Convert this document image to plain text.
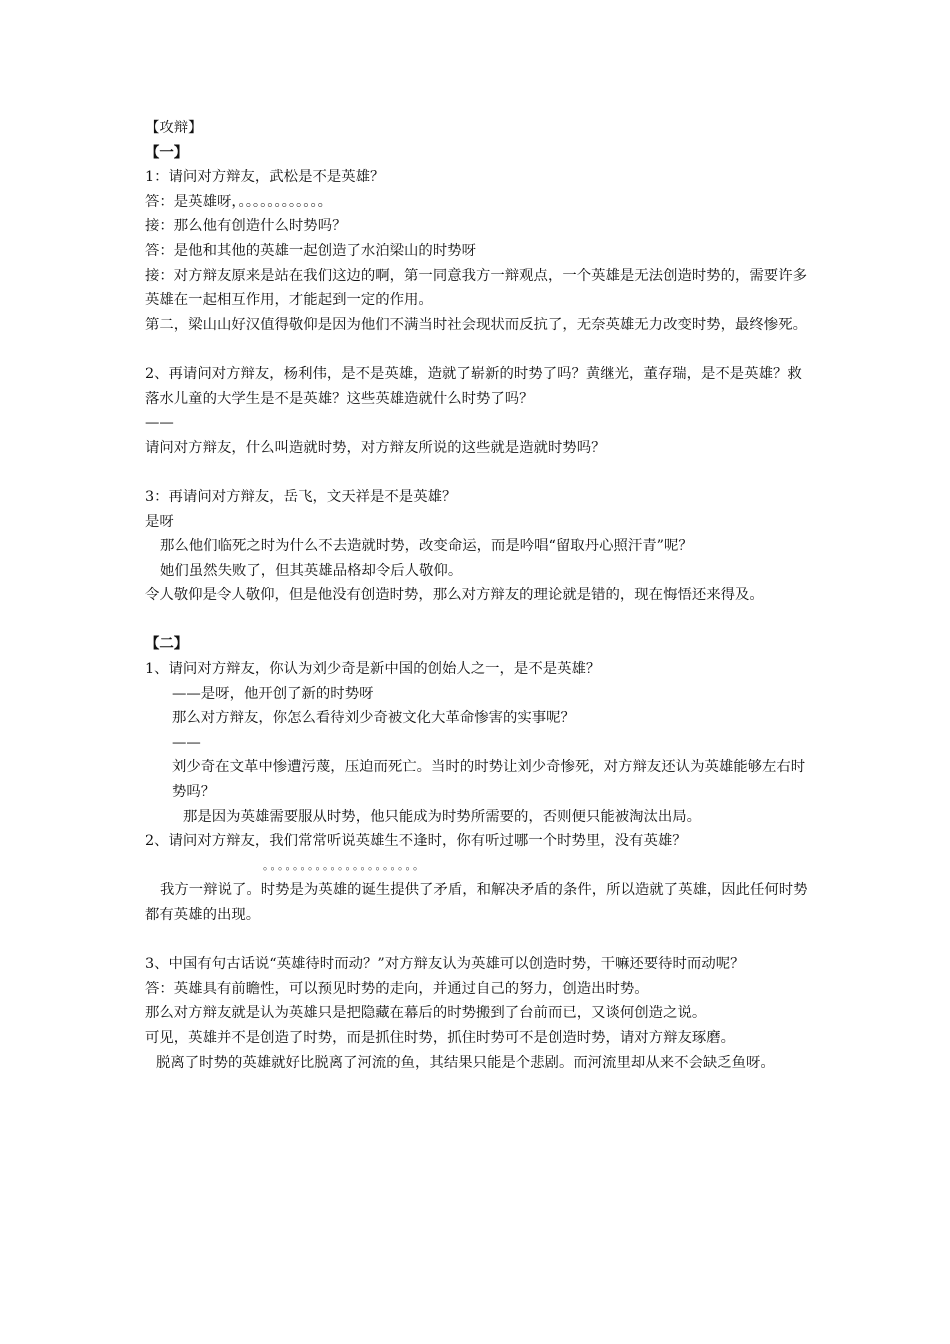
【攻辩】

【一】

1：请问对方辩友，武松是不是英雄？

答：是英雄呀，。。。。。。。。。。。。

接：那么他有创造什么时势吗？

答：是他和其他的英雄一起创造了水泊梁山的时势呀

接：对方辩友原来是站在我们这边的啊，第一同意我方一辩观点，一个英雄是无法创造时势的，需要许多英雄在一起相互作用，才能起到一定的作用。

第二，梁山山好汉值得敬仰是因为他们不满当时社会现状而反抗了，无奈英雄无力改变时势，最终惨死。

2、再请问对方辩友，杨利伟，是不是英雄，造就了崭新的时势了吗？黄继光，董存瑞，是不是英雄？救落水儿童的大学生是不是英雄？这些英雄造就什么时势了吗？

——

请问对方辩友，什么叫造就时势，对方辩友所说的这些就是造就时势吗？

3：再请问对方辩友，岳飞，文天祥是不是英雄？

是呀

那么他们临死之时为什么不去造就时势，改变命运，而是吟唱“留取丹心照汗青”呢？

她们虽然失败了，但其英雄品格却令后人敬仰。

令人敬仰是令人敬仰，但是他没有创造时势，那么对方辩友的理论就是错的，现在悔悟还来得及。

【二】

1、请问对方辩友，你认为刘少奇是新中国的创始人之一，是不是英雄？

——是呀，他开创了新的时势呀

那么对方辩友，你怎么看待刘少奇被文化大革命惨害的实事呢？

——

刘少奇在文革中惨遭污蔑，压迫而死亡。当时的时势让刘少奇惨死，对方辩友还认为英雄能够左右时势吗？

那是因为英雄需要服从时势，他只能成为时势所需要的，否则便只能被淘汰出局。

2、请问对方辩友，我们常常听说英雄生不逢时，你有听过哪一个时势里，没有英雄？

。。。。。。。。。。。。。。。。。。。。。

我方一辩说了。时势是为英雄的诞生提供了矛盾，和解决矛盾的条件，所以造就了英雄，因此任何时势都有英雄的出现。

3、中国有句古话说“英雄待时而动？”对方辩友认为英雄可以创造时势，干嘛还要待时而动呢？

答：英雄具有前瞻性，可以预见时势的走向，并通过自己的努力，创造出时势。

那么对方辩友就是认为英雄只是把隐藏在幕后的时势搬到了台前而已，又谈何创造之说。

可见，英雄并不是创造了时势，而是抓住时势，抓住时势可不是创造时势，请对方辩友琢磨。

脱离了时势的英雄就好比脱离了河流的鱼，其结果只能是个悲剧。而河流里却从来不会缺乏鱼呀。
